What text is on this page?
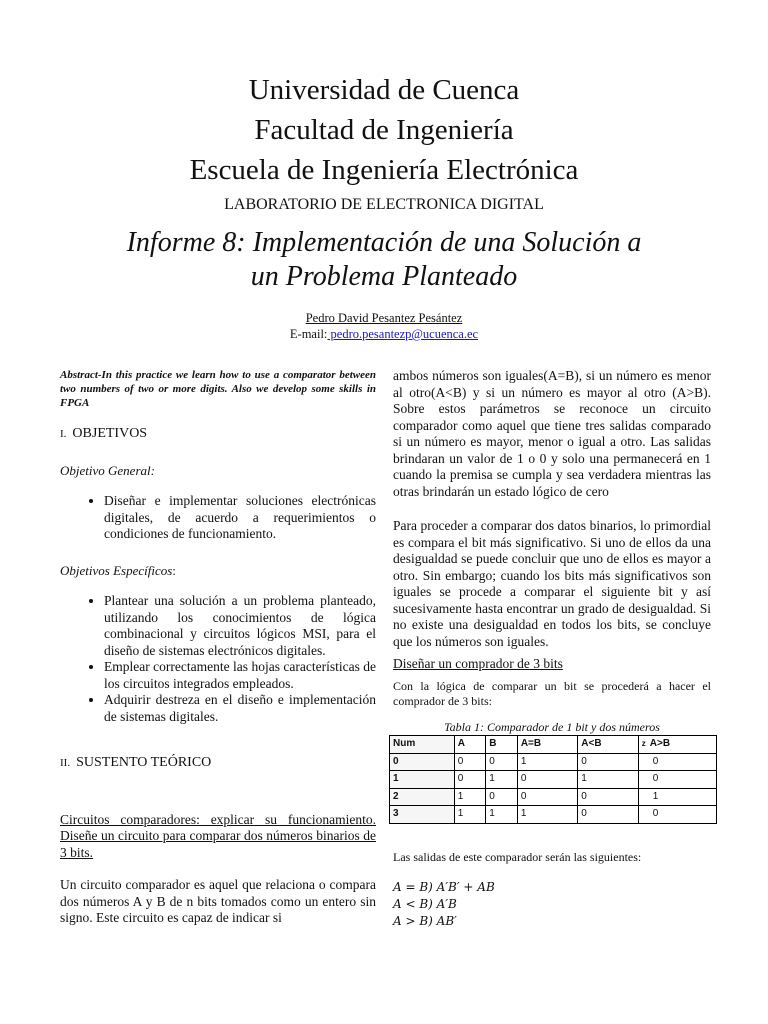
Universidad de Cuenca
Facultad de Ingeniería
Escuela de Ingeniería Electrónica
LABORATORIO DE ELECTRONICA DIGITAL
Informe 8: Implementación de una Solución a
un Problema Planteado
Pedro David Pesantez Pesántez
E-mail: pedro.pesantezp@ucuenca.ec
Abstract-In this practice we learn how to use a comparator between two numbers of two or more digits. Also we develop some skills in FPGA
I. OBJETIVOS
Objetivo General:
• Diseñar e implementar soluciones electrónicas digitales, de acuerdo a requerimientos o condiciones de funcionamiento.
Objetivos Específicos:
• Plantear una solución a un problema planteado, utilizando los conocimientos de lógica combinacional y circuitos lógicos MSI, para el diseño de sistemas electrónicos digitales.
• Emplear correctamente las hojas características de los circuitos integrados empleados.
• Adquirir destreza en el diseño e implementación de sistemas digitales.
II. SUSTENTO TEÓRICO
Circuitos comparadores: explicar su funcionamiento. Diseñe un circuito para comparar dos números binarios de 3 bits.
Un circuito comparador es aquel que relaciona o compara dos números A y B de n bits tomados como un entero sin signo. Este circuito es capaz de indicar si
ambos números son iguales(A=B), si un número es menor al otro(A<B) y si un número es mayor al otro (A>B). Sobre estos parámetros se reconoce un circuito comparador como aquel que tiene tres salidas comparado si un número es mayor, menor o igual a otro. Las salidas brindaran un valor de 1 o 0 y solo una permanecerá en 1 cuando la premisa se cumpla y sea verdadera mientras las otras brindarán un estado lógico de cero
Para proceder a comparar dos datos binarios, lo primordial es compara el bit más significativo. Si uno de ellos da una desigualdad se puede concluir que uno de ellos es mayor a otro. Sin embargo; cuando los bits más significativos son iguales se procede a comparar el siguiente bit y así sucesivamente hasta encontrar un grado de desigualdad. Si no existe una desigualdad en todos los bits, se concluye que los números son iguales.
Diseñar un comprador de 3 bits
Con la lógica de comparar un bit se procederá a hacer el comprador de 3 bits:
Tabla 1: Comparador de 1 bit y dos números
Num	A	B	A=B	A<B	$^z$ A>B
0	0	0	1	0	0
1	0	1	0	1	0
2	1	0	0	0	1
3	1	1	1	0	0
Las salidas de este comparador serán las siguientes:
A = B) A′B′ + AB
A < B) A′B
A > B) AB′
